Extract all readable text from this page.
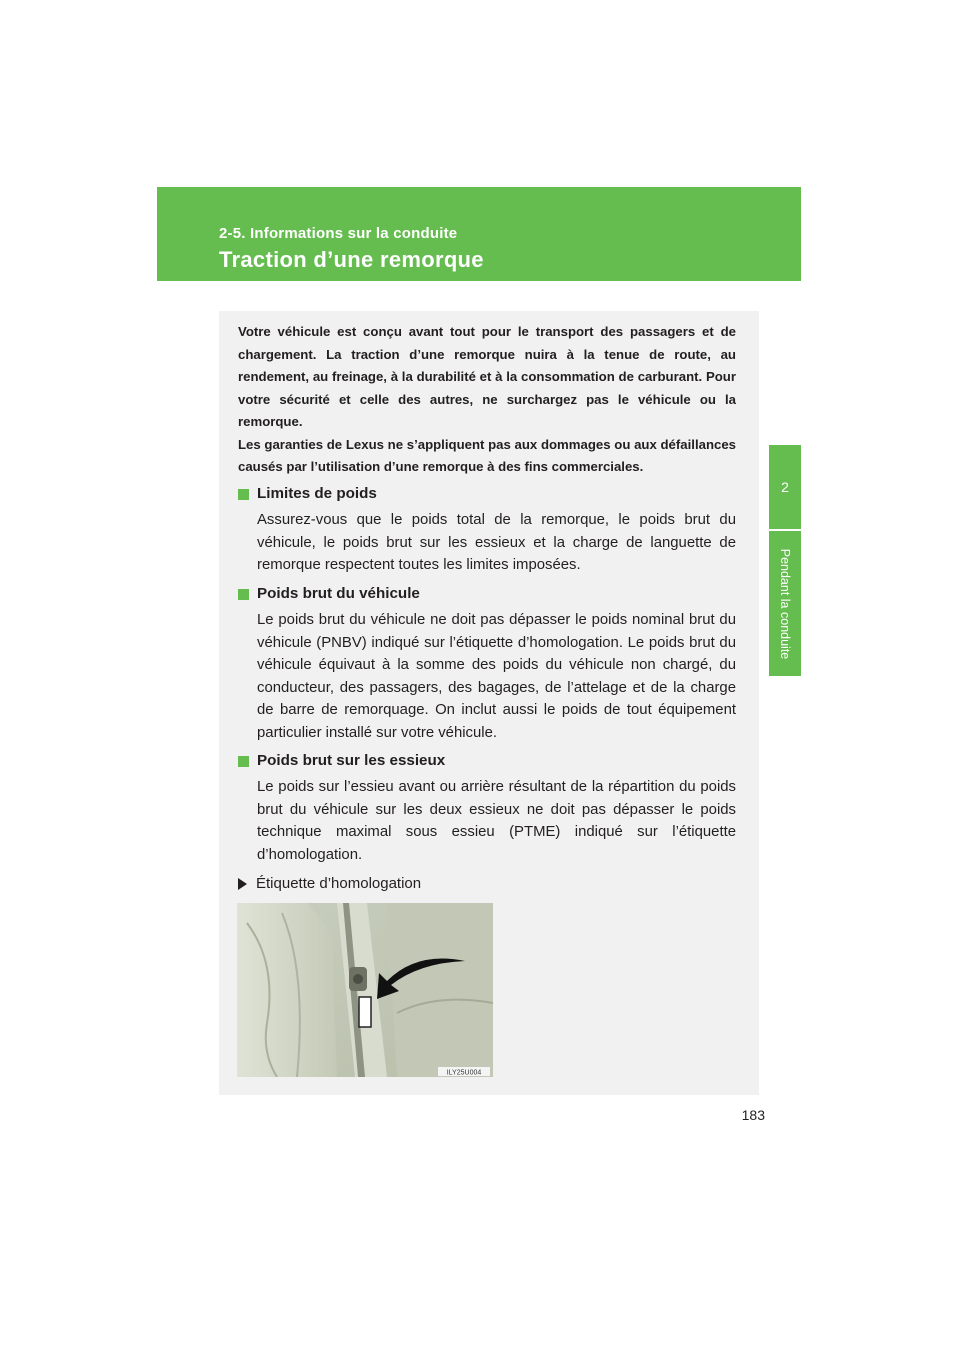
2-5. Informations sur la conduite
Traction d’une remorque
2
Pendant la conduite

Votre véhicule est conçu avant tout pour le transport des passagers et de chargement. La traction d’une remorque nuira à la tenue de route, au rendement, au freinage, à la durabilité et à la consommation de carburant. Pour votre sécurité et celle des autres, ne surchargez pas le véhicule ou la remorque.

Les garanties de Lexus ne s’appliquent pas aux dommages ou aux défaillances causés par l’utilisation d’une remorque à des fins commerciales.

Limites de poids

Assurez-vous que le poids total de la remorque, le poids brut du véhicule, le poids brut sur les essieux et la charge de languette de remorque respectent toutes les limites imposées.

Poids brut du véhicule

Le poids brut du véhicule ne doit pas dépasser le poids nominal brut du véhicule (PNBV) indiqué sur l’étiquette d’homologation. Le poids brut du véhicule équivaut à la somme des poids du véhicule non chargé, du conducteur, des passagers, des bagages, de l’attelage et de la charge de barre de remorquage. On inclut aussi le poids de tout équipement particulier installé sur votre véhicule.

Poids brut sur les essieux

Le poids sur l’essieu avant ou arrière résultant de la répartition du poids brut du véhicule sur les deux essieux ne doit pas dépasser le poids technique maximal sous essieu (PTME) indiqué sur l’étiquette d’homologation.

Étiquette d’homologation
ILY25U004
183
